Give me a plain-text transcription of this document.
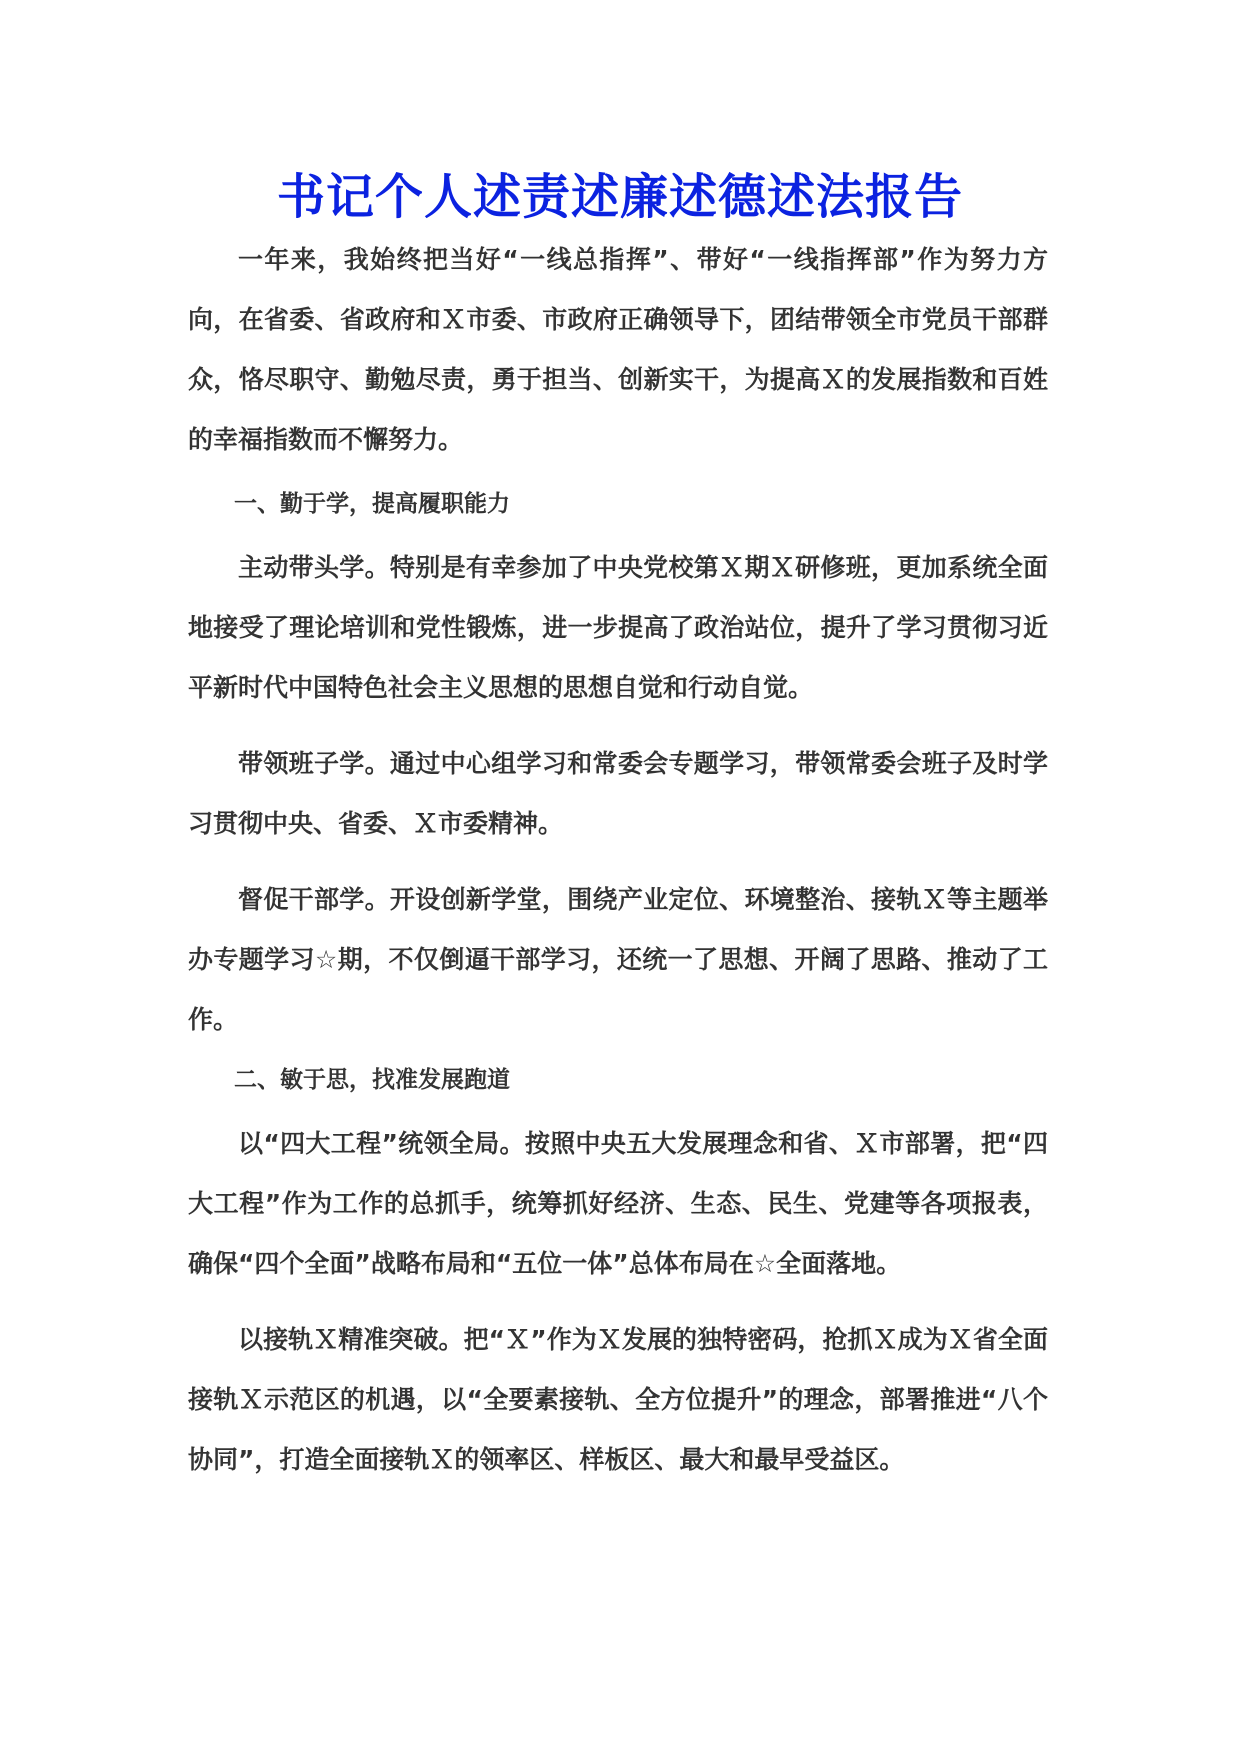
书记个人述责述廉述德述法报告

一年来，我始终把当好“一线总指挥”、带好“一线指挥部”作为努力方向，在省委、省政府和Ｘ市委、市政府正确领导下，团结带领全市党员干部群众，恪尽职守、勤勉尽责，勇于担当、创新实干，为提高Ｘ的发展指数和百姓的幸福指数而不懈努力。

一、勤于学，提高履职能力

主动带头学。特别是有幸参加了中央党校第Ｘ期Ｘ研修班，更加系统全面地接受了理论培训和党性锻炼，进一步提高了政治站位，提升了学习贯彻习近平新时代中国特色社会主义思想的思想自觉和行动自觉。

带领班子学。通过中心组学习和常委会专题学习，带领常委会班子及时学习贯彻中央、省委、Ｘ市委精神。

督促干部学。开设创新学堂，围绕产业定位、环境整治、接轨Ｘ等主题举办专题学习☆期，不仅倒逼干部学习，还统一了思想、开阔了思路、推动了工作。

二、敏于思，找准发展跑道

以“四大工程”统领全局。按照中央五大发展理念和省、Ｘ市部署，把“四大工程”作为工作的总抓手，统筹抓好经济、生态、民生、党建等各项报表，确保“四个全面”战略布局和“五位一体”总体布局在☆全面落地。

以接轨Ｘ精准突破。把“Ｘ”作为Ｘ发展的独特密码，抢抓Ｘ成为Ｘ省全面接轨Ｘ示范区的机遇，以“全要素接轨、全方位提升”的理念，部署推进“八个协同”，打造全面接轨Ｘ的领率区、样板区、最大和最早受益区。
